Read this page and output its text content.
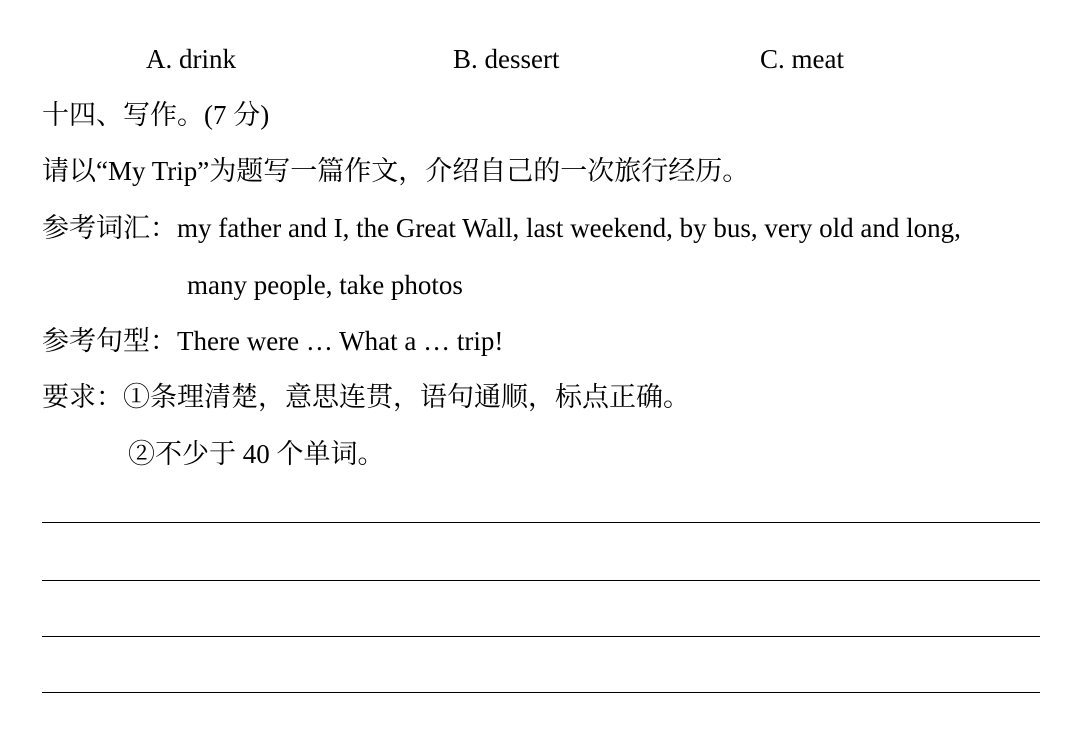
A. drink	B. dessert	C. meat
十四、写作。(7 分)
请以“My Trip”为题写一篇作文，介绍自己的一次旅行经历。
参考词汇：my father and I, the Great Wall, last weekend, by bus, very old and long,
many people, take photos
参考句型：There were … What a … trip!
要求：①条理清楚，意思连贯，语句通顺，标点正确。
②不少于 40 个单词。
